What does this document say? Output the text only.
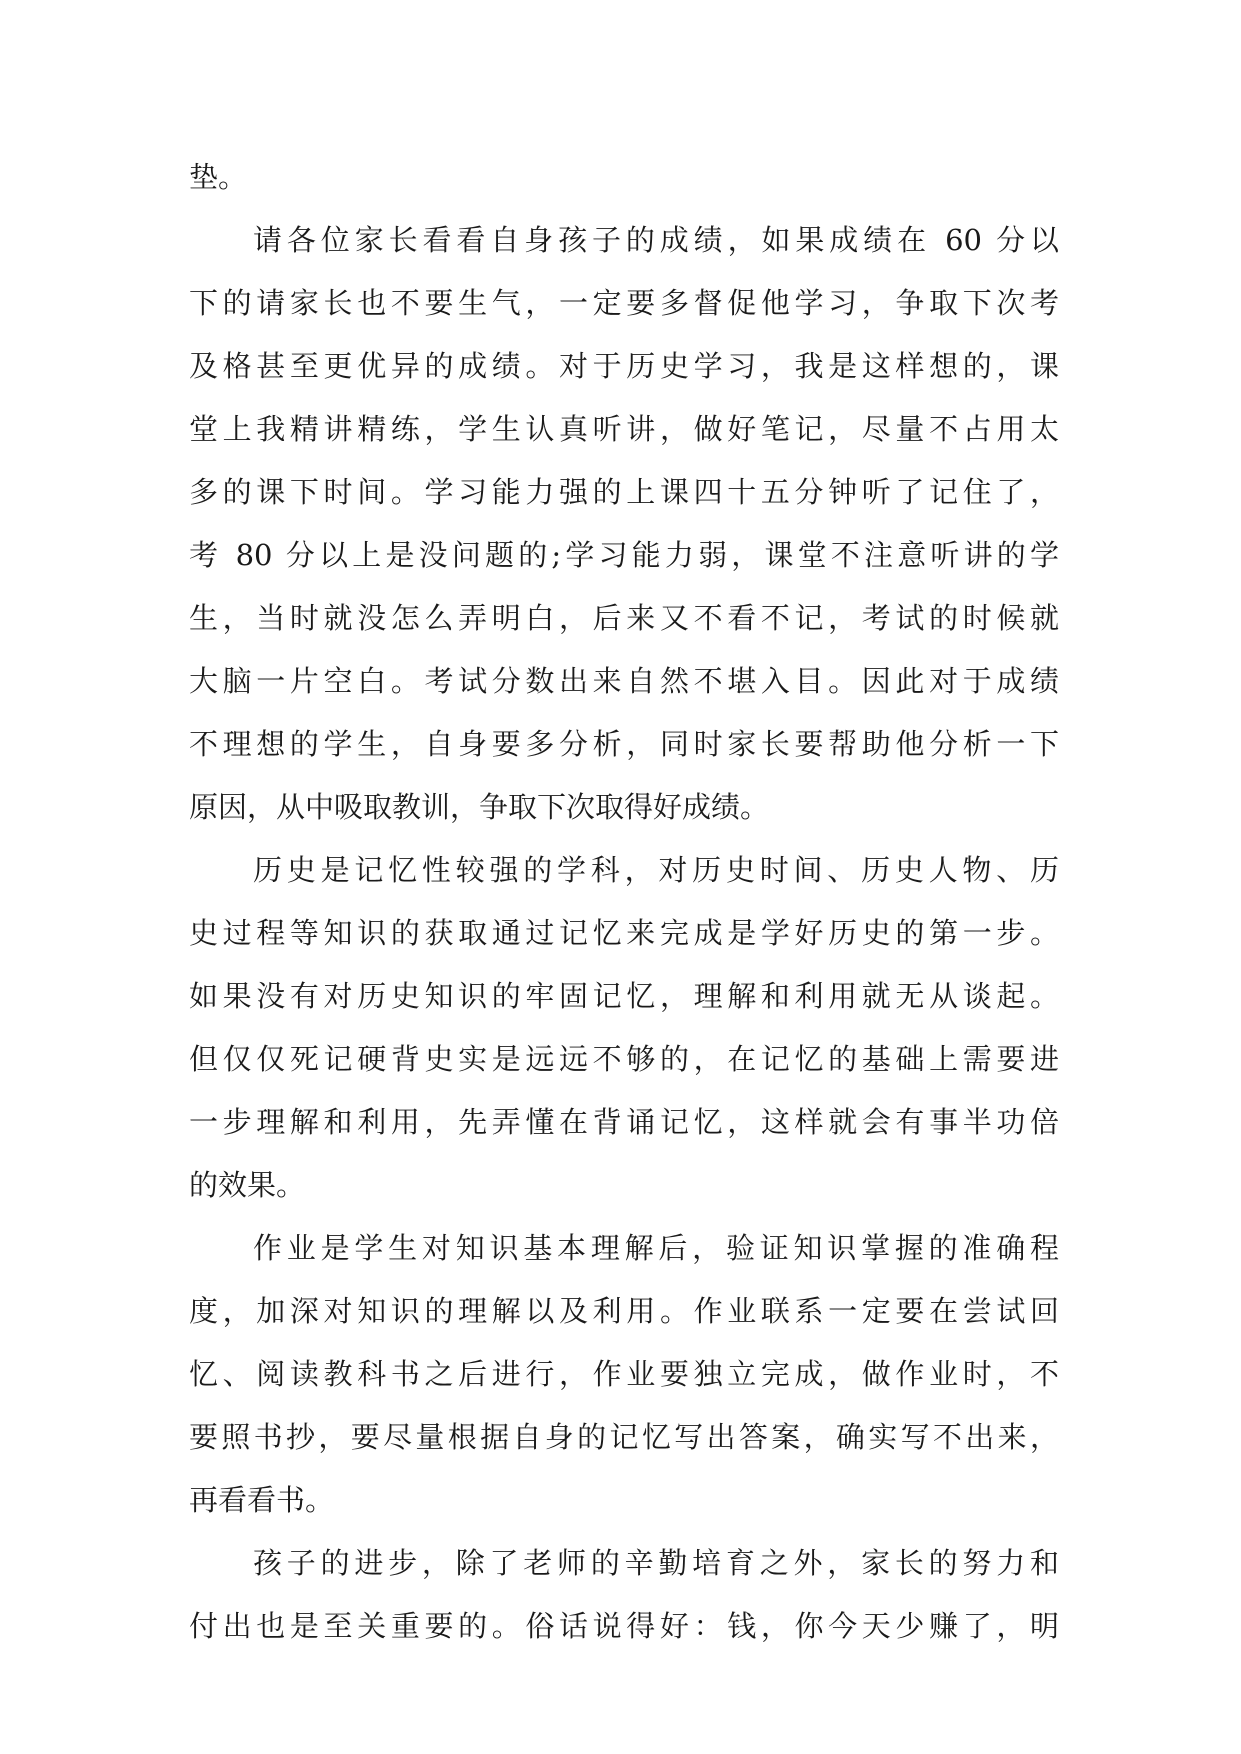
垫。
请各位家长看看自身孩子的成绩，如果成绩在 60 分以
下的请家长也不要生气，一定要多督促他学习，争取下次考
及格甚至更优异的成绩。对于历史学习，我是这样想的，课
堂上我精讲精练，学生认真听讲，做好笔记，尽量不占用太
多的课下时间。学习能力强的上课四十五分钟听了记住了，
考 80 分以上是没问题的;学习能力弱，课堂不注意听讲的学
生，当时就没怎么弄明白，后来又不看不记，考试的时候就
大脑一片空白。考试分数出来自然不堪入目。因此对于成绩
不理想的学生，自身要多分析，同时家长要帮助他分析一下
原因，从中吸取教训，争取下次取得好成绩。
历史是记忆性较强的学科，对历史时间、历史人物、历
史过程等知识的获取通过记忆来完成是学好历史的第一步。
如果没有对历史知识的牢固记忆，理解和利用就无从谈起。
但仅仅死记硬背史实是远远不够的，在记忆的基础上需要进
一步理解和利用，先弄懂在背诵记忆，这样就会有事半功倍
的效果。
作业是学生对知识基本理解后，验证知识掌握的准确程
度，加深对知识的理解以及利用。作业联系一定要在尝试回
忆、阅读教科书之后进行，作业要独立完成，做作业时，不
要照书抄，要尽量根据自身的记忆写出答案，确实写不出来，
再看看书。
孩子的进步，除了老师的辛勤培育之外，家长的努力和
付出也是至关重要的。俗话说得好：钱，你今天少赚了，明
